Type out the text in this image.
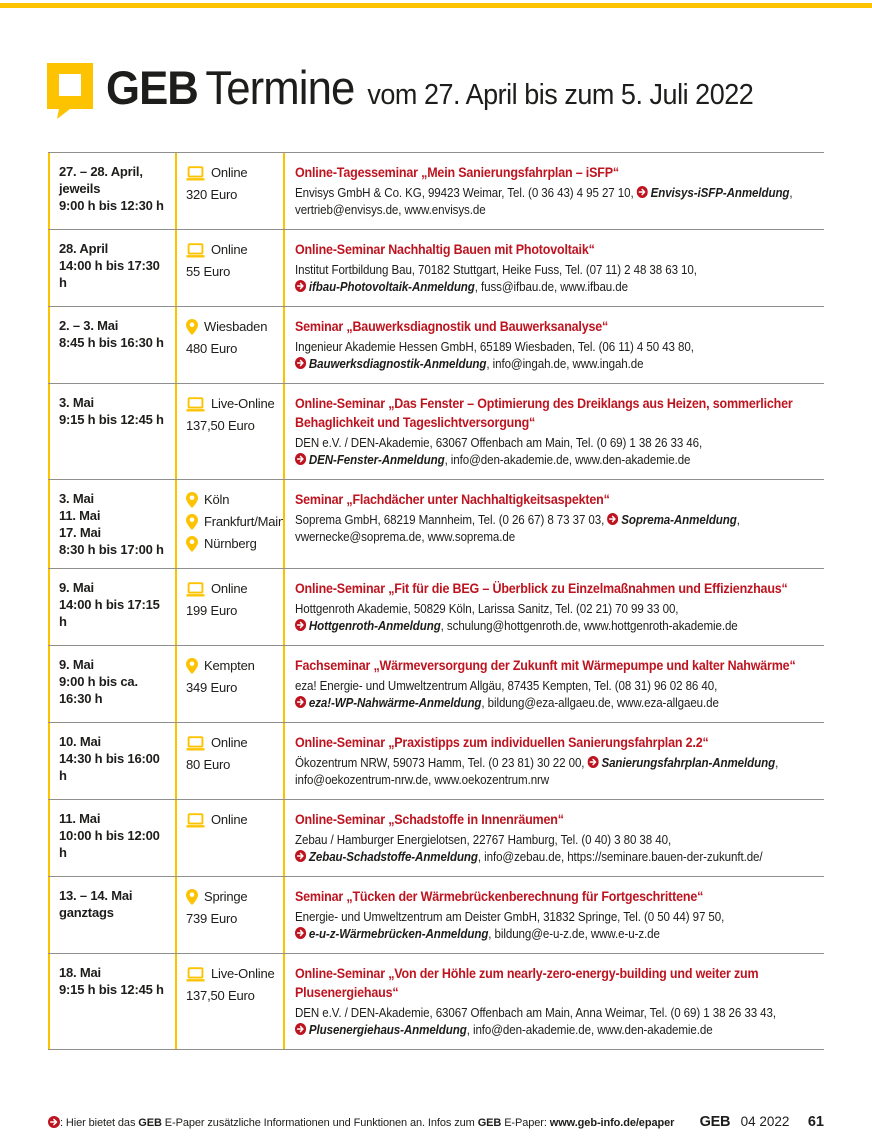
GEB Termine vom 27. April bis zum 5. Juli 2022
27. – 28. April, jeweils
9:00 h bis 12:30 h
Online
320 Euro
Online-Tagesseminar „Mein Sanierungsfahrplan – iSFP“
Envisys GmbH & Co. KG, 99423 Weimar, Tel. (0 36 43) 4 95 27 10, Envisys-iSFP-Anmeldung, vertrieb@envisys.de, www.envisys.de
28. April
14:00 h bis 17:30 h
Online
55 Euro
Online-Seminar Nachhaltig Bauen mit Photovoltaik“
Institut Fortbildung Bau, 70182 Stuttgart, Heike Fuss, Tel. (07 11) 2 48 38 63 10,
ifbau-Photovoltaik-Anmeldung, fuss@ifbau.de, www.ifbau.de
2. – 3. Mai
8:45 h bis 16:30 h
Wiesbaden
480 Euro
Seminar „Bauwerksdiagnostik und Bauwerksanalyse“
Ingenieur Akademie Hessen GmbH, 65189 Wiesbaden, Tel. (06 11) 4 50 43 80,
Bauwerksdiagnostik-Anmeldung, info@ingah.de, www.ingah.de
3. Mai
9:15 h bis 12:45 h
Live-Online
137,50 Euro
Online-Seminar „Das Fenster – Optimierung des Dreiklangs aus Heizen, sommerlicher Behaglichkeit und Tageslichtversorgung“
DEN e.V. / DEN-Akademie, 63067 Offenbach am Main, Tel. (0 69) 1 38 26 33 46, DEN-Fenster-Anmeldung, info@den-akademie.de, www.den-akademie.de
3. Mai
11. Mai
17. Mai
8:30 h bis 17:00 h
Köln
Frankfurt/Main
Nürnberg
Seminar „Flachdächer unter Nachhaltigkeitsaspekten“
Soprema GmbH, 68219 Mannheim, Tel. (0 26 67) 8 73 37 03, Soprema-Anmeldung, vwernecke@soprema.de, www.soprema.de
9. Mai
14:00 h bis 17:15 h
Online
199 Euro
Online-Seminar „Fit für die BEG – Überblick zu Einzelmaßnahmen und Effizienzhaus“
Hottgenroth Akademie, 50829 Köln, Larissa Sanitz, Tel. (02 21) 70 99 33 00, Hottgenroth-Anmeldung, schulung@hottgenroth.de, www.hottgenroth-akademie.de
9. Mai
9:00 h bis ca. 16:30 h
Kempten
349 Euro
Fachseminar „Wärmeversorgung der Zukunft mit Wärmepumpe und kalter Nahwärme“
eza! Energie- und Umweltzentrum Allgäu, 87435 Kempten, Tel. (08 31) 96 02 86 40,
eza!-WP-Nahwärme-Anmeldung, bildung@eza-allgaeu.de, www.eza-allgaeu.de
10. Mai
14:30 h bis 16:00 h
Online
80 Euro
Online-Seminar „Praxistipps zum individuellen Sanierungsfahrplan 2.2“
Ökozentrum NRW, 59073 Hamm, Tel. (0 23 81) 30 22 00, Sanierungsfahrplan-Anmeldung, info@oekozentrum-nrw.de, www.oekozentrum.nrw
11. Mai
10:00 h bis 12:00 h
Online	Online-Seminar „Schadstoffe in Innenräumen“
Zebau / Hamburger Energielotsen, 22767 Hamburg, Tel. (0 40) 3 80 38 40, Zebau-Schadstoffe-Anmeldung, info@zebau.de, https://seminare.bauen-der-zukunft.de/
13. – 14. Mai
ganztags
Springe
739 Euro
Seminar „Tücken der Wärmebrückenberechnung für Fortgeschrittene“
Energie- und Umweltzentrum am Deister GmbH, 31832 Springe, Tel. (0 50 44) 97 50,
e-u-z-Wärmebrücken-Anmeldung, bildung@e-u-z.de, www.e-u-z.de
18. Mai
9:15 h bis 12:45 h
Live-Online
137,50 Euro
Online-Seminar „Von der Höhle zum nearly-zero-energy-building und weiter zum Plusenergiehaus“
DEN e.V. / DEN-Akademie, 63067 Offenbach am Main, Anna Weimar, Tel. (0 69) 1 38 26 33 43,
Plusenergiehaus-Anmeldung, info@den-akademie.de, www.den-akademie.de
: Hier bietet das GEB E-Paper zusätzliche Informationen und Funktionen an. Infos zum GEB E-Paper: www.geb-info.de/epaper GEB 04 2022 61
